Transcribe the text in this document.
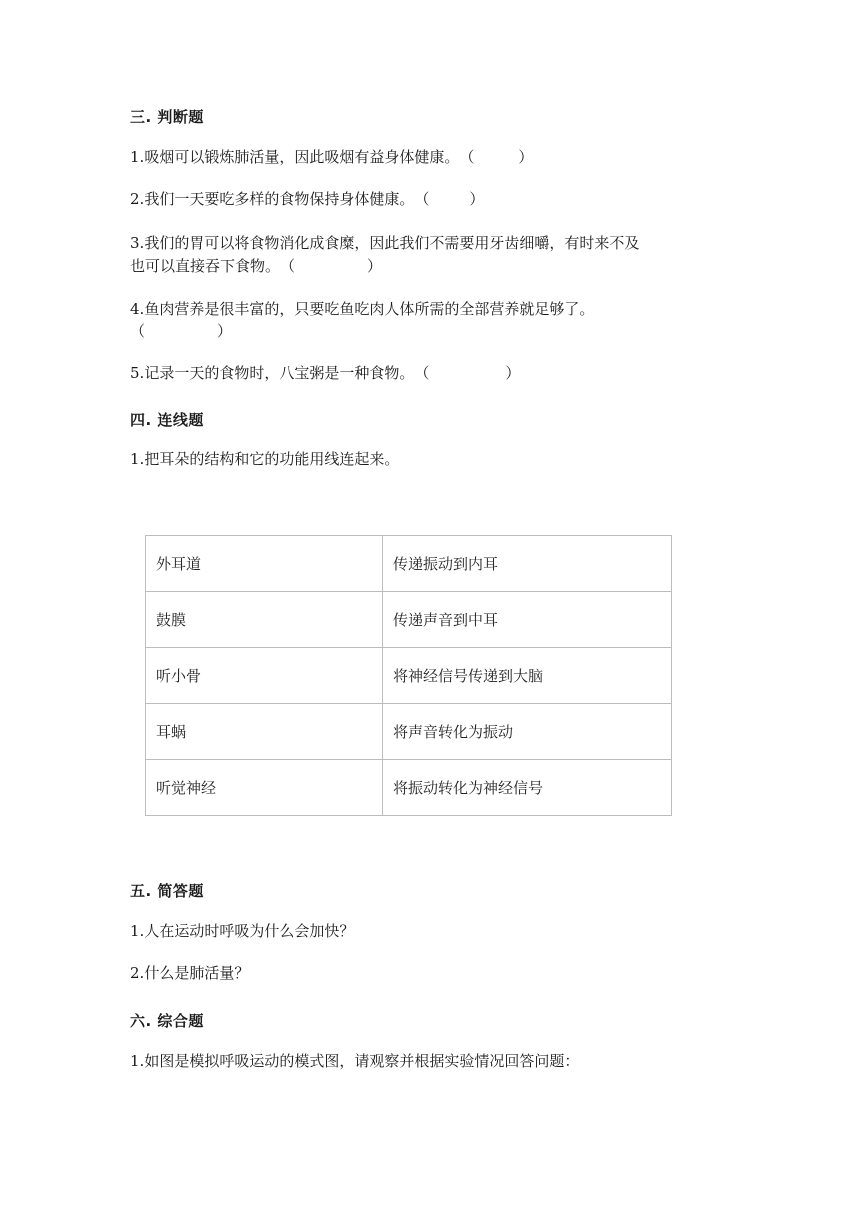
三. 判断题
1.吸烟可以锻炼肺活量，因此吸烟有益身体健康。（	）
2.我们一天要吃多样的食物保持身体健康。（	）
3.我们的胃可以将食物消化成食糜，因此我们不需要用牙齿细嚼，有时来不及
也可以直接吞下食物。（	）
4.鱼肉营养是很丰富的，只要吃鱼吃肉人体所需的全部营养就足够了。
（	）
5.记录一天的食物时，八宝粥是一种食物。（	）
四. 连线题
1.把耳朵的结构和它的功能用线连起来。
外耳道	传递振动到内耳
鼓膜	传递声音到中耳
听小骨	将神经信号传递到大脑
耳蜗	将声音转化为振动
听觉神经	将振动转化为神经信号
五. 简答题
1.人在运动时呼吸为什么会加快？
2.什么是肺活量？
六. 综合题
1.如图是模拟呼吸运动的模式图，请观察并根据实验情况回答问题：
